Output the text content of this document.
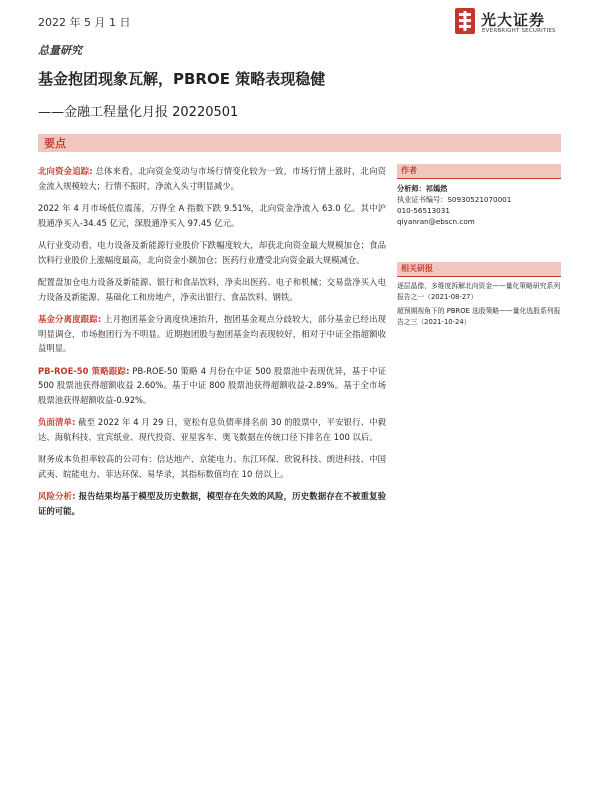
2022 年 5 月 1 日	光大证券
EVERBRIGHT SECURITIES
总量研究
基金抱团现象瓦解，PBROE 策略表现稳健
——金融工程量化月报 20220501
要点

北向资金追踪: 总体来看，北向资金变动与市场行情变化较为一致，市场行情上涨时，北向资金流入规模较大；行情不振时，净流入头寸明显减少。

2022 年 4 月市场低位震荡，万得全 A 指数下跌 9.51%，北向资金净流入 63.0 亿。其中沪股通净买入-34.45 亿元，深股通净买入 97.45 亿元。

从行业变动看，电力设备及新能源行业股价下跌幅度较大，却获北向资金最大规模加仓；食品饮料行业股价上涨幅度最高，北向资金小额加仓；医药行业遭受北向资金最大规模减仓。

配置盘加仓电力设备及新能源、银行和食品饮料，净卖出医药、电子和机械；交易盘净买入电力设备及新能源、基础化工和房地产，净卖出银行、食品饮料、钢铁。

基金分离度跟踪: 上月抱团基金分离度快速抬升，抱团基金观点分歧较大，部分基金已经出现明显调仓，市场抱团行为不明显。近期抱团股与抱团基金均表现较好，相对于中证全指超额收益明显。

PB-ROE-50 策略跟踪: PB-ROE-50 策略 4 月份在中证 500 股票池中表现优异，基于中证 500 股票池获得超额收益 2.60%。基于中证 800 股票池获得超额收益-2.89%。基于全市场股票池获得超额收益-0.92%。

负面清单: 截至 2022 年 4 月 29 日，宽松有息负债率排名前 30 的股票中，平安银行、中毅达、海航科技、宜宾纸业、现代投资、亚星客车、奥飞数据在传统口径下排名在 100 以后。

财务成本负担率较高的公司有：信达地产、京能电力、东江环保、欣锐科技、朗进科技、中国武夷、皖能电力、菲达环保、易华录，其指标数值均在 10 倍以上。

风险分析: 报告结果均基于模型及历史数据，模型存在失效的风险，历史数据存在不被重复验证的可能。

作者
分析师：祁嫣然
执业证书编号：S0930521070001
010-56513031
qiyanran@ebscn.com
相关研报
逐层晶像，多维度拆解北向资金——量化策略研究系列报告之一（2021-08-27）
超预期视角下的 PBROE 选股策略——量化选股系列报告之三（2021-10-24）
